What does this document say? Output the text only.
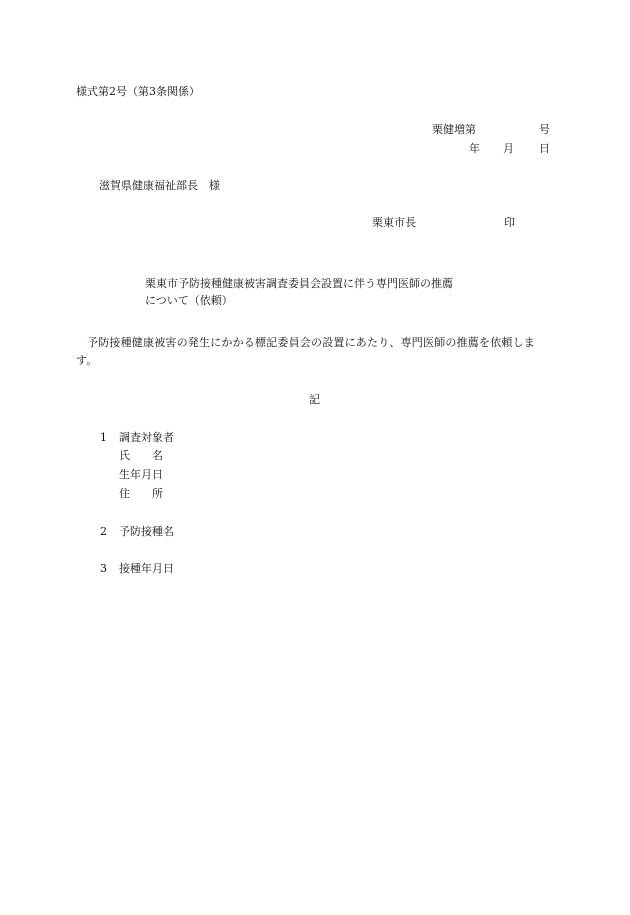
様式第2号（第3条関係）
栗健増第	号
年 月 日
滋賀県健康福祉部長　様
栗東市長	印
栗東市予防接種健康被害調査委員会設置に伴う専門医師の推薦
について（依頼）
予防接種健康被害の発生にかかる標記委員会の設置にあたり、専門医師の推薦を依頼します。
記
1 調査対象者
氏　　名
生年月日
住　　所
2 予防接種名
3 接種年月日
